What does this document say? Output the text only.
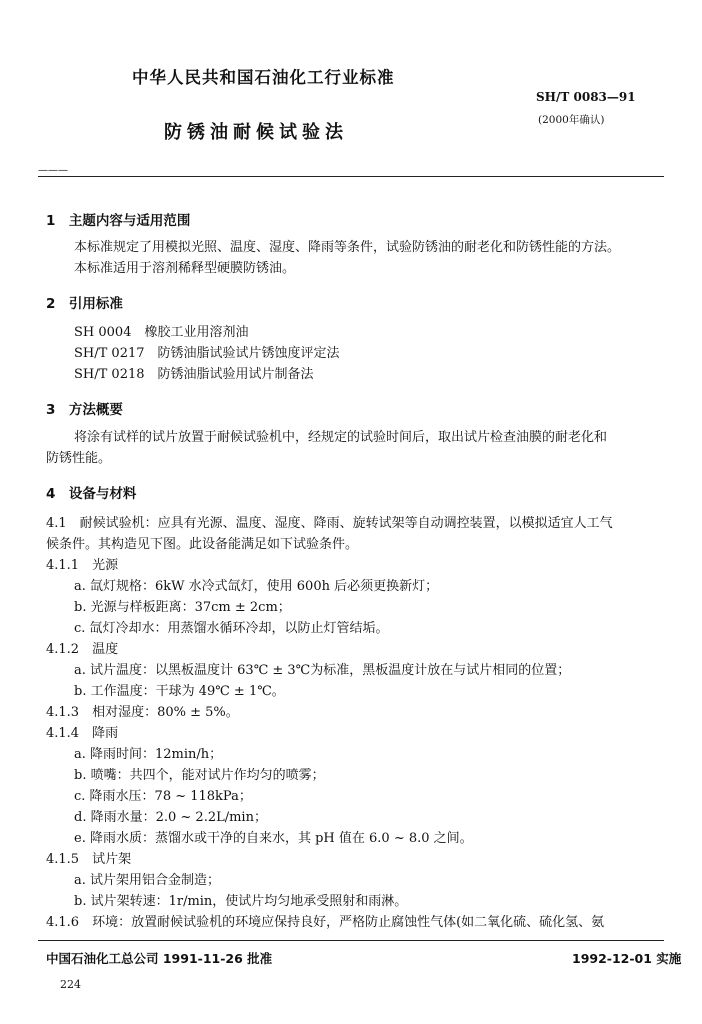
中华人民共和国石油化工行业标准
SH/T 0083—91
防锈油耐候试验法
(2000年确认)
———
1　主题内容与适用范围
本标准规定了用模拟光照、温度、湿度、降雨等条件，试验防锈油的耐老化和防锈性能的方法。
本标准适用于溶剂稀释型硬膜防锈油。
2　引用标准
SH 0004　橡胶工业用溶剂油
SH/T 0217　防锈油脂试验试片锈蚀度评定法
SH/T 0218　防锈油脂试验用试片制备法
3　方法概要
将涂有试样的试片放置于耐候试验机中，经规定的试验时间后，取出试片检查油膜的耐老化和
防锈性能。
4　设备与材料
4.1　耐候试验机：应具有光源、温度、湿度、降雨、旋转试架等自动调控装置，以模拟适宜人工气
候条件。其构造见下图。此设备能满足如下试验条件。
4.1.1　光源
a. 氙灯规格：6kW 水冷式氙灯，使用 600h 后必须更换新灯；
b. 光源与样板距离：37cm ± 2cm；
c. 氙灯冷却水：用蒸馏水循环冷却，以防止灯管结垢。
4.1.2　温度
a. 试片温度：以黑板温度计 63℃ ± 3℃为标准，黑板温度计放在与试片相同的位置；
b. 工作温度：干球为 49℃ ± 1℃。
4.1.3　相对湿度：80% ± 5%。
4.1.4　降雨
a. 降雨时间：12min/h；
b. 喷嘴：共四个，能对试片作均匀的喷雾；
c. 降雨水压：78 ~ 118kPa；
d. 降雨水量：2.0 ~ 2.2L/min；
e. 降雨水质：蒸馏水或干净的自来水，其 pH 值在 6.0 ~ 8.0 之间。
4.1.5　试片架
a. 试片架用铝合金制造；
b. 试片架转速：1r/min，使试片均匀地承受照射和雨淋。
4.1.6　环境：放置耐候试验机的环境应保持良好，严格防止腐蚀性气体(如二氧化硫、硫化氢、氨
中国石油化工总公司 1991-11-26 批准	1992-12-01 实施
224
